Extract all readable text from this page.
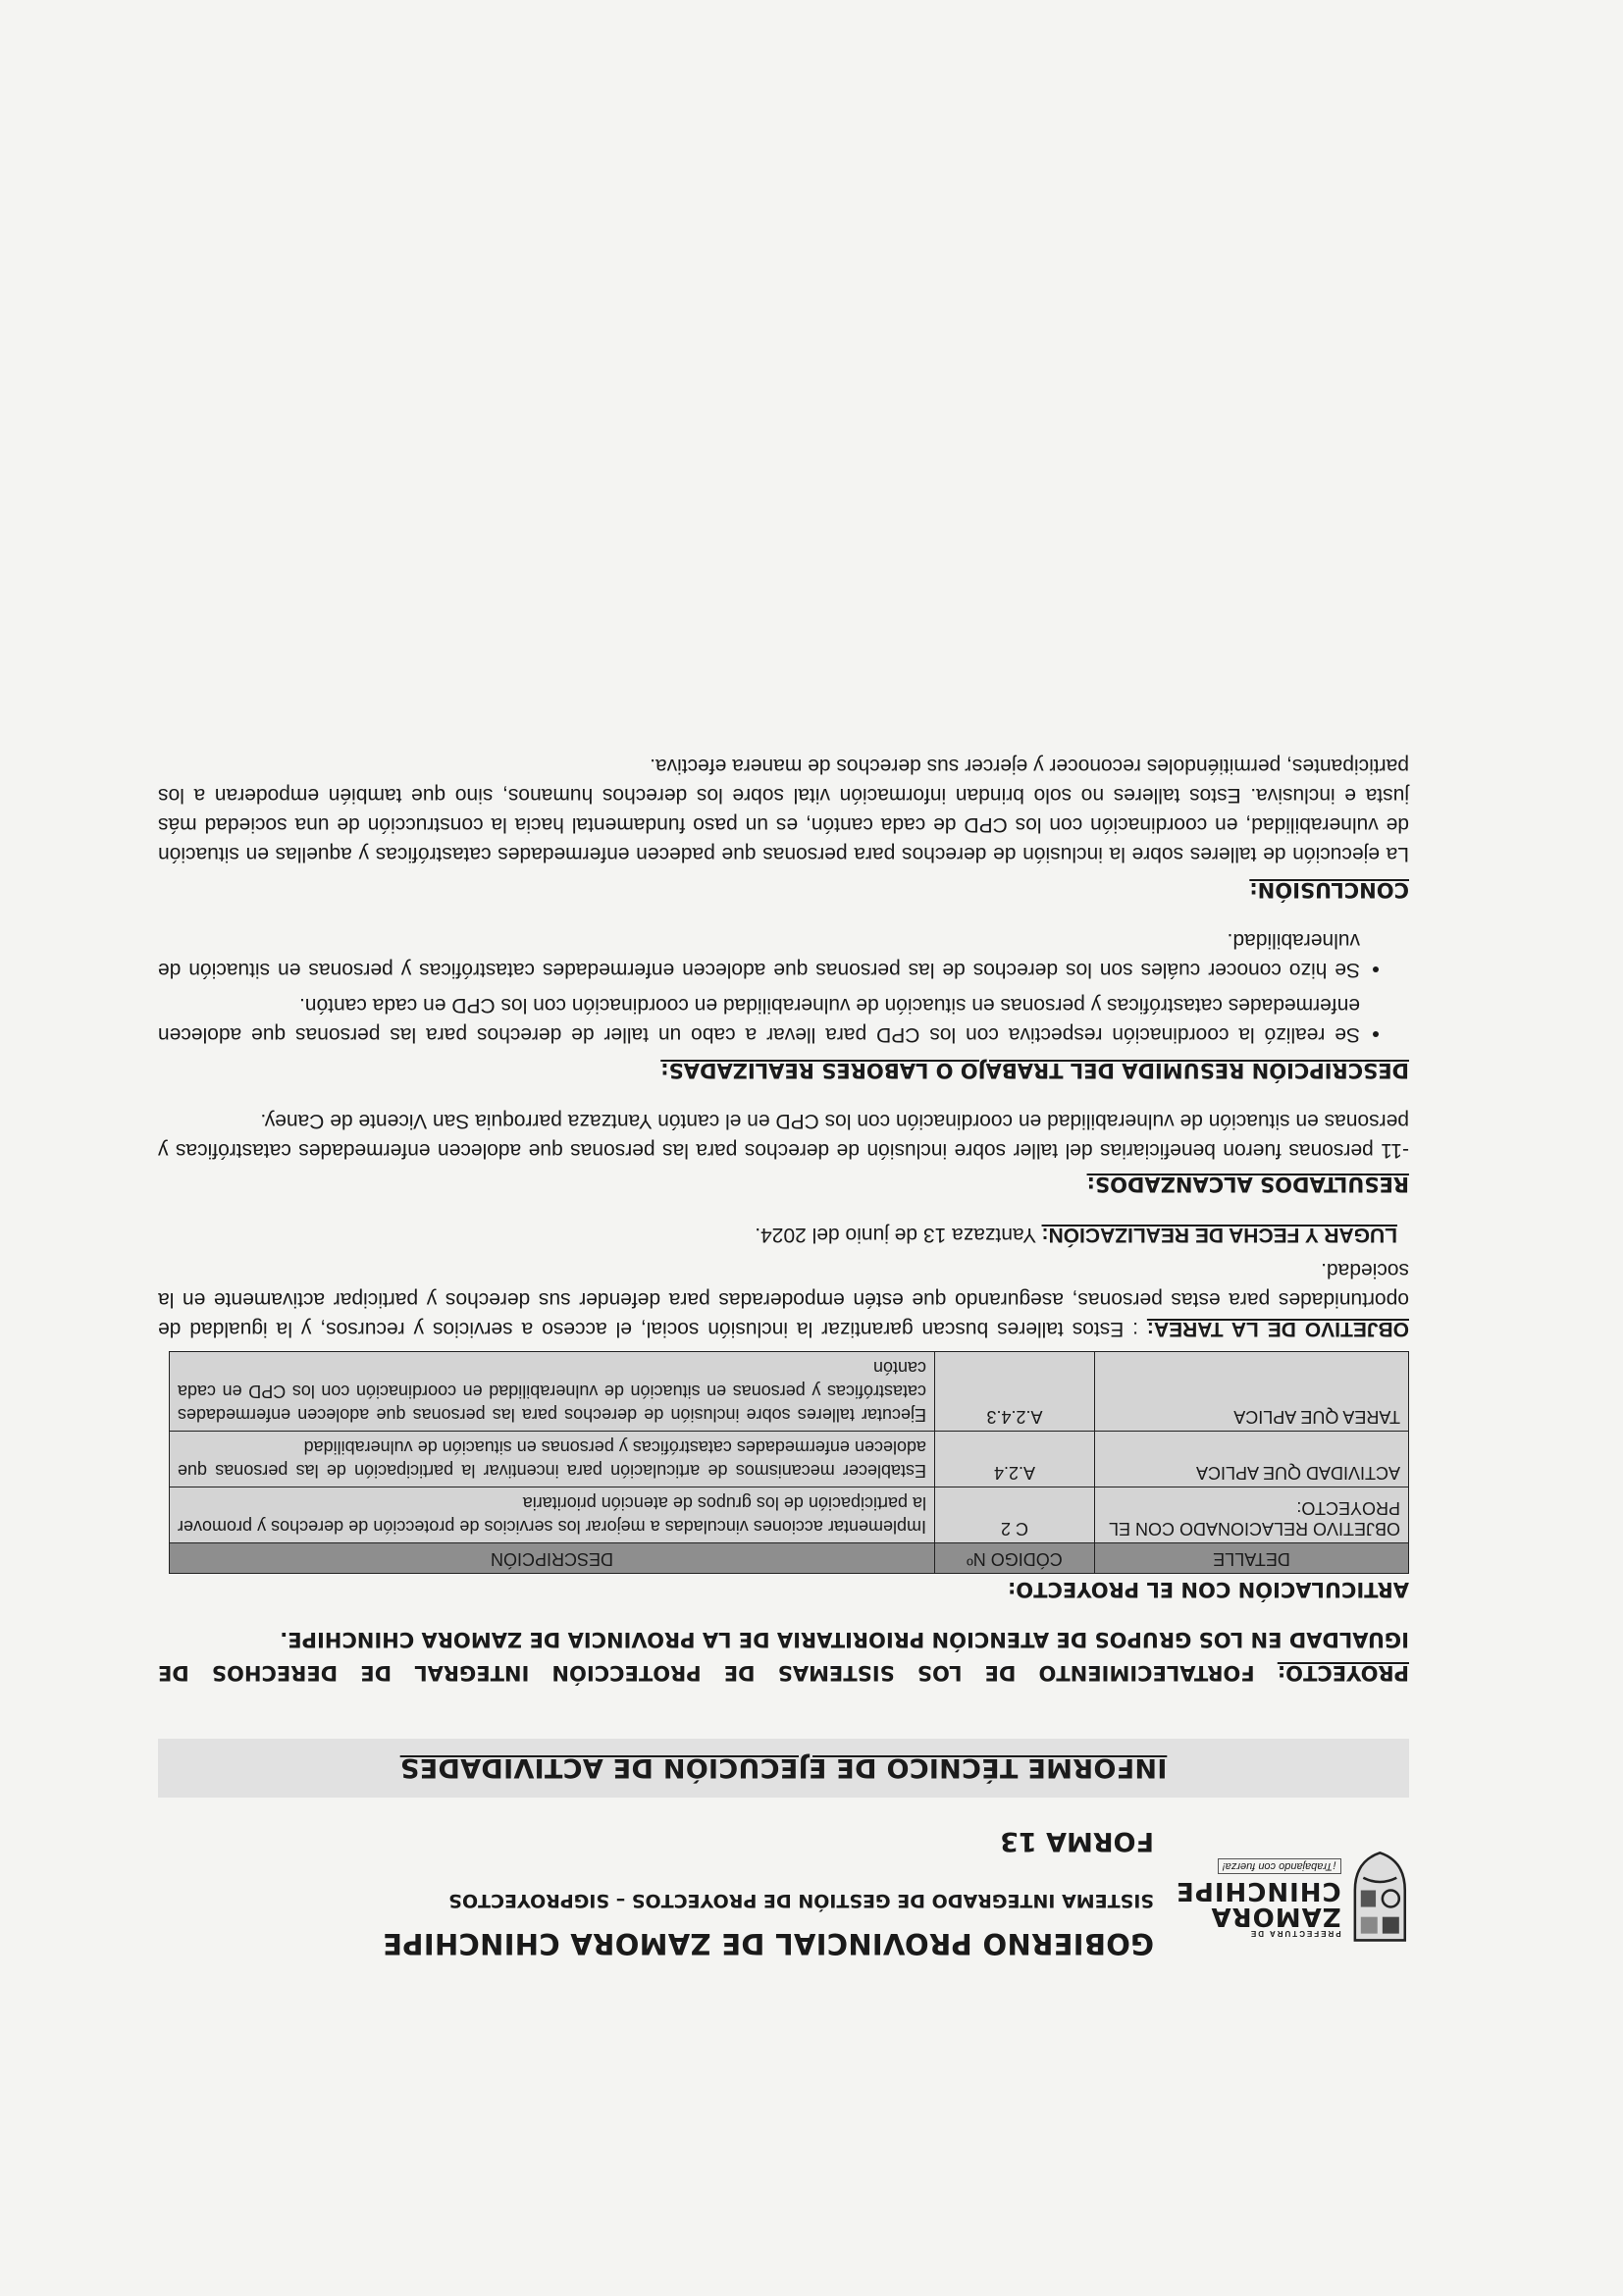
PREFECTURA DE
ZAMORA
CHINCHIPE
¡Trabajando con fuerza!
GOBIERNO PROVINCIAL DE ZAMORA CHINCHIPE
SISTEMA INTEGRADO DE GESTIÓN DE PROYECTOS – SIGPROYECTOS
FORMA 13
INFORME TÉCNICO DE EJECUCIÓN DE ACTIVIDADES
PROYECTO: FORTALECIMIENTO DE LOS SISTEMAS DE PROTECCIÓN INTEGRAL DE DERECHOS DE
IGUALDAD EN LOS GRUPOS DE ATENCIÓN PRIORITARIA DE LA PROVINCIA DE ZAMORA CHINCHIPE.
ARTICULACIÓN CON EL PROYECTO:
DETALLE	CÓDIGO Nº	DESCRIPCIÓN
OBJETIVO RELACIONADO CON EL PROYECTO:	C 2	Implementar acciones vinculadas a mejorar los servicios de protección de derechos y promover la participación de los grupos de atención prioritaria
ACTIVIDAD QUE APLICA	A.2.4	Establecer mecanismos de articulación para incentivar la participación de las personas que adolecen enfermedades catastróficas y personas en situación de vulnerabilidad
TAREA QUE APLICA	A.2.4.3	Ejecutar talleres sobre inclusión de derechos para las personas que adolecen enfermedades catastróficas y personas en situación de vulnerabilidad en coordinación con los CPD en cada cantón
OBJETIVO DE LA TAREA: : Estos talleres buscan garantizar la inclusión social, el acceso a servicios y recursos, y la igualdad de oportunidades para estas personas, asegurando que estén empoderadas para defender sus derechos y participar activamente en la sociedad.
LUGAR Y FECHA DE REALIZACIÓN: Yantzaza 13 de junio del 2024.
RESULTADOS ALCANZADOS:
-11 personas fueron beneficiarias del taller sobre inclusión de derechos para las personas que adolecen enfermedades catastróficas y personas en situación de vulnerabilidad en coordinación con los CPD en el cantón Yantzaza parroquia San Vicente de Caney.
DESCRIPCIÓN RESUMIDA DEL TRABAJO O LABORES REALIZADAS:
• Se realizó la coordinación respectiva con los CPD para llevar a cabo un taller de derechos para las personas que adolecen enfermedades catastróficas y personas en situación de vulnerabilidad en coordinación con los CPD en cada cantón.
• Se hizo conocer cuáles son los derechos de las personas que adolecen enfermedades catastróficas y personas en situación de vulnerabilidad.
CONCLUSIÓN:
La ejecución de talleres sobre la inclusión de derechos para personas que padecen enfermedades catastróficas y aquellas en situación de vulnerabilidad, en coordinación con los CPD de cada cantón, es un paso fundamental hacia la construcción de una sociedad más justa e inclusiva. Estos talleres no solo brindan información vital sobre los derechos humanos, sino que también empoderan a los participantes, permitiéndoles reconocer y ejercer sus derechos de manera efectiva.
